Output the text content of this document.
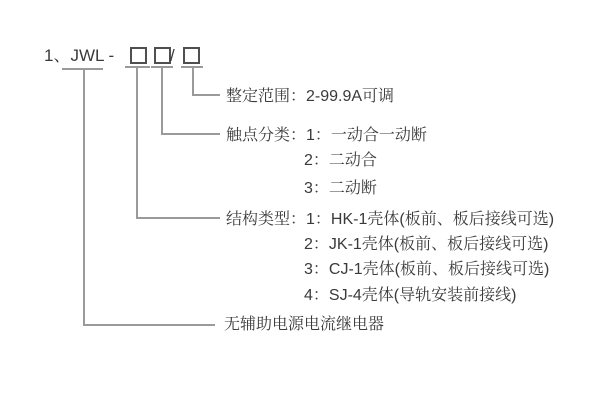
1、JWL -	/
整定范围：2-99.9A可调
触点分类：1：一动合一动断
2：二动合
3：二动断
结构类型：1：HK-1壳体(板前、板后接线可选)
2：JK-1壳体(板前、板后接线可选)
3：CJ-1壳体(板前、板后接线可选)
4：SJ-4壳体(导轨安装前接线)
无辅助电源电流继电器
